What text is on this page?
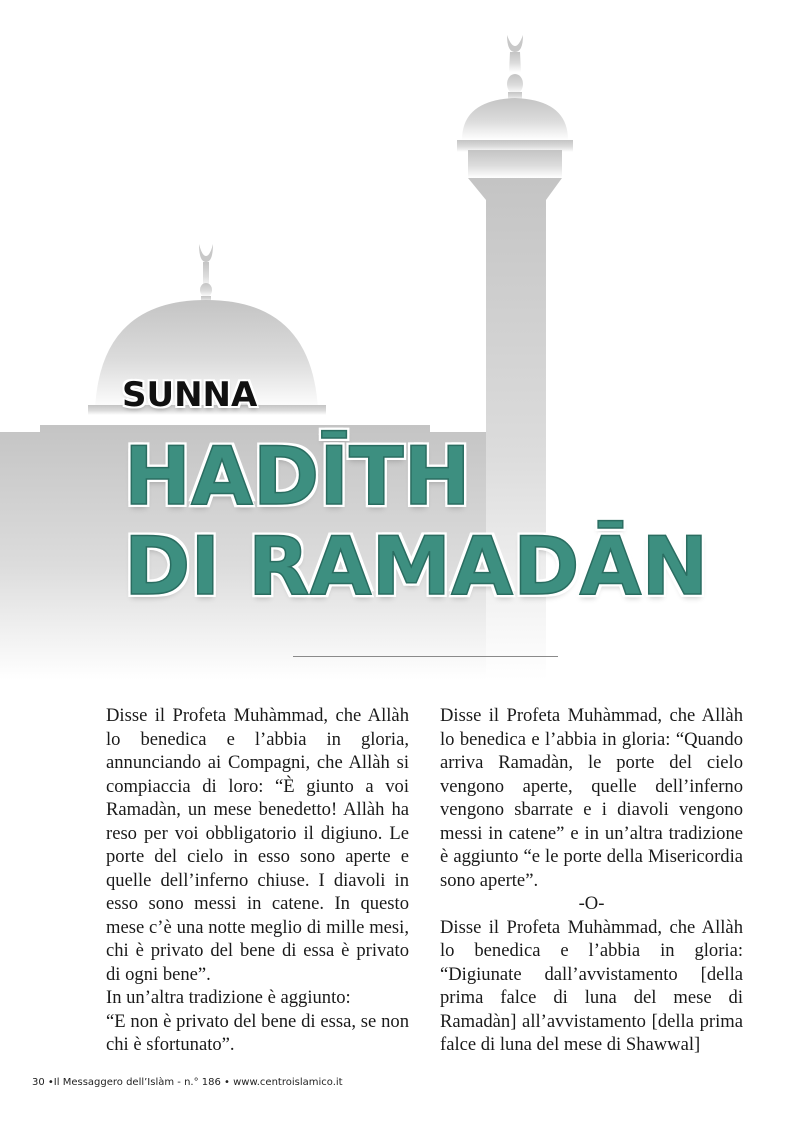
SUNNA
HADĪTH
DI RAMADĀN

Disse il Profeta Muhàmmad, che Allàh lo benedica e l’abbia in gloria, annunciando ai Compagni, che Allàh si compiaccia di loro: “È giunto a voi Ramadàn, un mese benedetto! Allàh ha reso per voi obbligatorio il digiuno. Le porte del cielo in esso sono aperte e quelle dell’inferno chiuse. I diavoli in esso sono messi in catene. In questo mese c’è una notte meglio di mille mesi, chi è privato del bene di essa è privato di ogni bene”.

In un’altra tradizione è aggiunto:

“E non è privato del bene di essa, se non chi è sfortunato”.

Disse il Profeta Muhàmmad, che Allàh lo benedica e l’abbia in gloria: “Quando arriva Ramadàn, le porte del cielo vengono aperte, quelle dell’inferno vengono sbarrate e i diavoli vengono messi in catene” e in un’altra tradizione è aggiunto “e le porte della Misericordia sono aperte”.

-O-

Disse il Profeta Muhàmmad, che Allàh lo benedica e l’abbia in gloria: “Digiunate dall’avvistamento [della prima falce di luna del mese di Ramadàn] all’avvistamento [della prima falce di luna del mese di Shawwal]

30 •Il Messaggero dell’Islàm - n.° 186 • www.centroislamico.it
